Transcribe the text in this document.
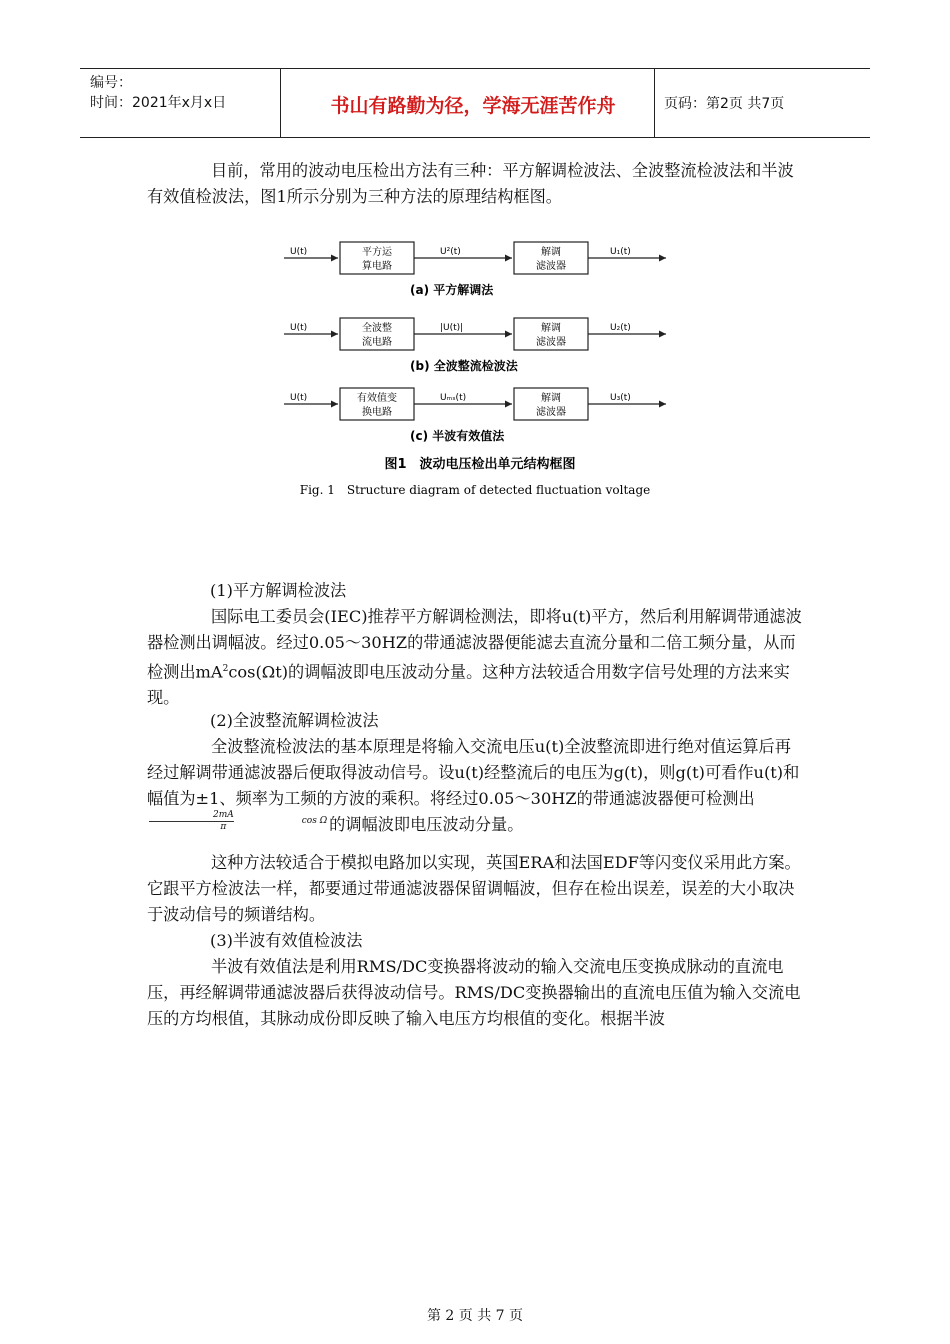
编号：
时间：2021年x月x日	书山有路勤为径，学海无涯苦作舟	页码：第2页 共7页

目前，常用的波动电压检出方法有三种：平方解调检波法、全波整流检波法和半波有效值检波法，图1所示分别为三种方法的原理结构框图。

U(t)	平方运
算电路
U²(t)	解调
滤波器
U₁(t)
(a) 平方解调法
U(t)	全波整
流电路
|U(t)|	解调
滤波器
U₂(t)
(b) 全波整流检波法
U(t)	有效值变
换电路
Uₘₛ(t)	解调
滤波器
U₃(t)
(c) 半波有效值法
图1　波动电压检出单元结构框图
Fig. 1　Structure diagram of detected fluctuation voltage
(1)平方解调检波法

国际电工委员会(IEC)推荐平方解调检测法，即将u(t)平方，然后利用解调带通滤波器检测出调幅波。经过0.05～30HZ的带通滤波器便能滤去直流分量和二倍工频分量，从而检测出$mA^2\cos(\Omega t)$的调幅波即电压波动分量。这种方法较适合用数字信号处理的方法来实现。

(2)全波整流解调检波法

全波整流检波法的基本原理是将输入交流电压u(t)全波整流即进行绝对值运算后再经过解调带通滤波器后便取得波动信号。设u(t)经整流后的电压为g(t)，则g(t)可看作u(t)和幅值为±1、频率为工频的方波的乘积。将经过0.05～30HZ的带通滤波器便可检测出
$\frac{2mA}{\pi}$	cos Ω 的调幅波即电压波动分量。

这种方法较适合于模拟电路加以实现，英国ERA和法国EDF等闪变仪采用此方案。它跟平方检波法一样，都要通过带通滤波器保留调幅波，但存在检出误差，误差的大小取决于波动信号的频谱结构。

(3)半波有效值检波法

半波有效值法是利用RMS/DC变换器将波动的输入交流电压变换成脉动的直流电压，再经解调带通滤波器后获得波动信号。RMS/DC变换器输出的直流电压值为输入交流电压的方均根值，其脉动成份即反映了输入电压方均根值的变化。根据半波

第 2 页 共 7 页
